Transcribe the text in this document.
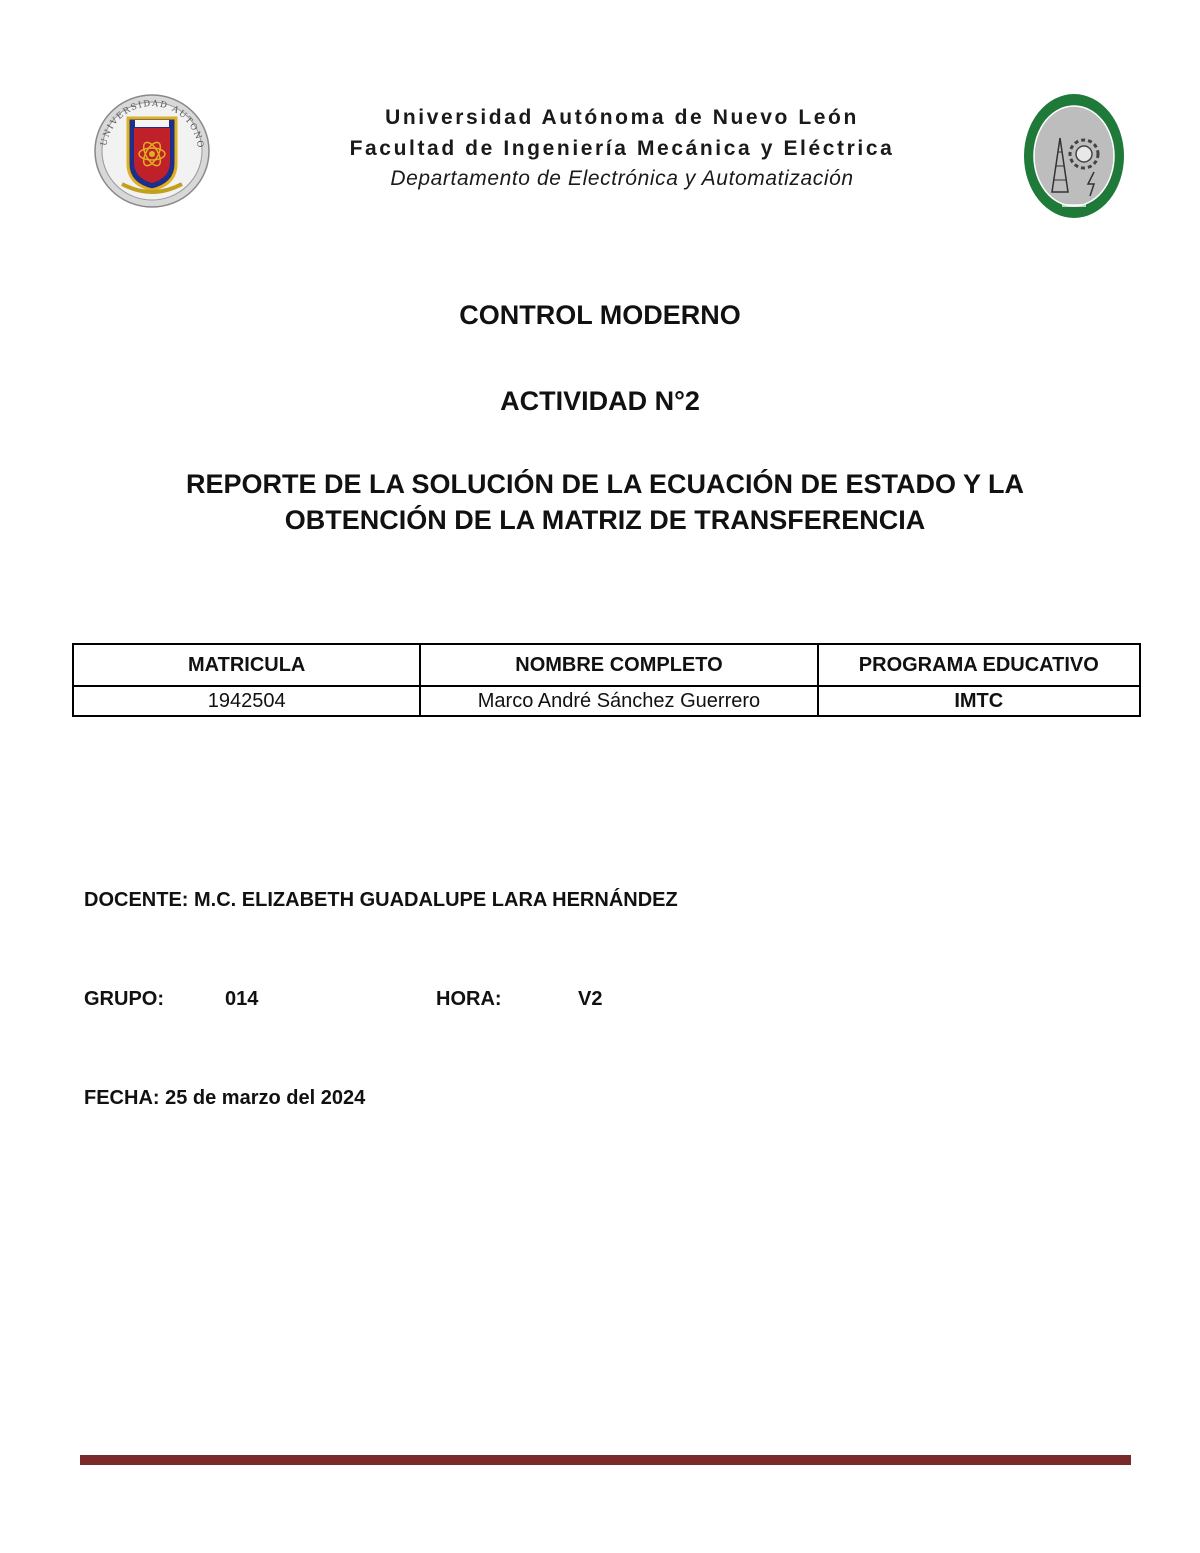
UNIVERSIDAD AUTONO
Universidad Autónoma de Nuevo León
Facultad de Ingeniería Mecánica y Eléctrica
Departamento de Electrónica y Automatización
CONTROL MODERNO
ACTIVIDAD N°2
REPORTE DE LA SOLUCIÓN DE LA ECUACIÓN DE ESTADO Y LA
OBTENCIÓN DE LA MATRIZ DE TRANSFERENCIA
MATRICULA	NOMBRE COMPLETO	PROGRAMA EDUCATIVO
1942504	Marco André Sánchez Guerrero	IMTC
DOCENTE: M.C. ELIZABETH GUADALUPE LARA HERNÁNDEZ
GRUPO:	014	HORA:	V2
FECHA: 25 de marzo del 2024
